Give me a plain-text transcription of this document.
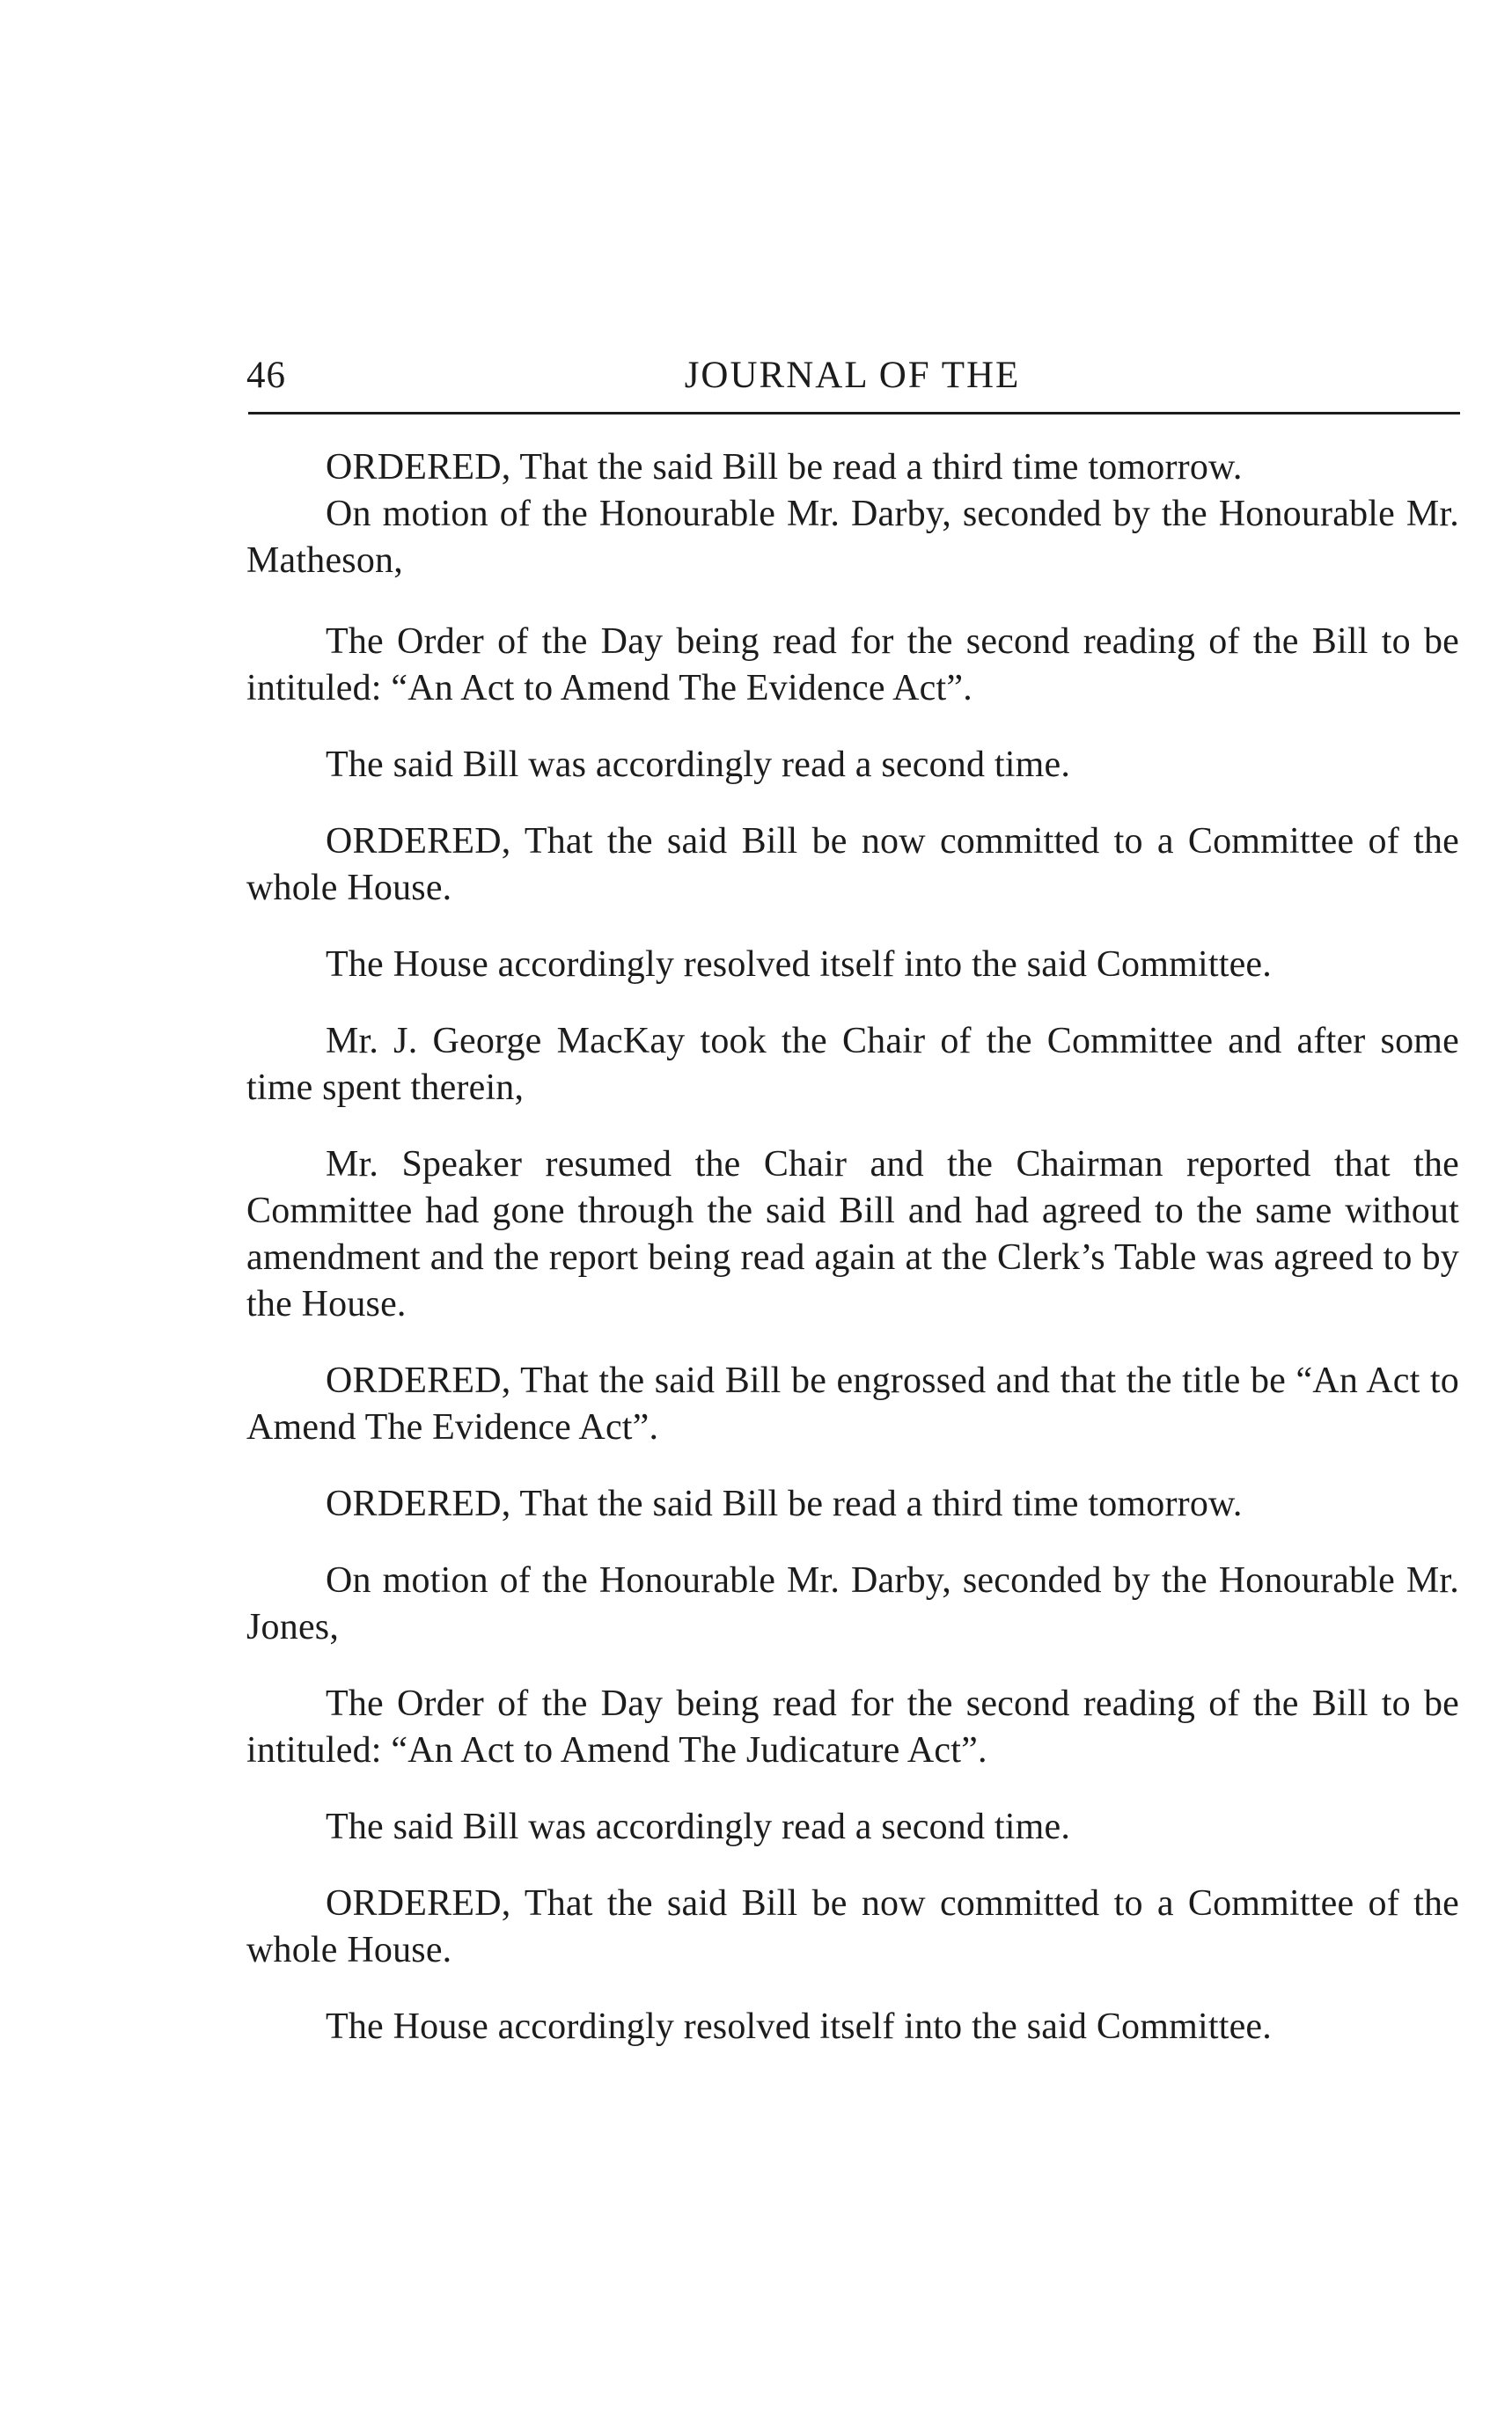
46	JOURNAL OF THE

ORDERED, That the said Bill be read a third time tomorrow.

On motion of the Honourable Mr. Darby, seconded by the Honourable Mr. Matheson,

The Order of the Day being read for the second reading of the Bill to be intituled: “An Act to Amend The Evidence Act”.

The said Bill was accordingly read a second time.

ORDERED, That the said Bill be now committed to a Committee of the whole House.

The House accordingly resolved itself into the said Committee.

Mr. J. George MacKay took the Chair of the Committee and after some time spent therein,

Mr. Speaker resumed the Chair and the Chairman reported that the Committee had gone through the said Bill and had agreed to the same without amendment and the report being read again at the Clerk’s Table was agreed to by the House.

ORDERED, That the said Bill be engrossed and that the title be “An Act to Amend The Evidence Act”.

ORDERED, That the said Bill be read a third time tomorrow.

On motion of the Honourable Mr. Darby, seconded by the Honourable Mr. Jones,

The Order of the Day being read for the second reading of the Bill to be intituled: “An Act to Amend The Judicature Act”.

The said Bill was accordingly read a second time.

ORDERED, That the said Bill be now committed to a Committee of the whole House.

The House accordingly resolved itself into the said Committee.
